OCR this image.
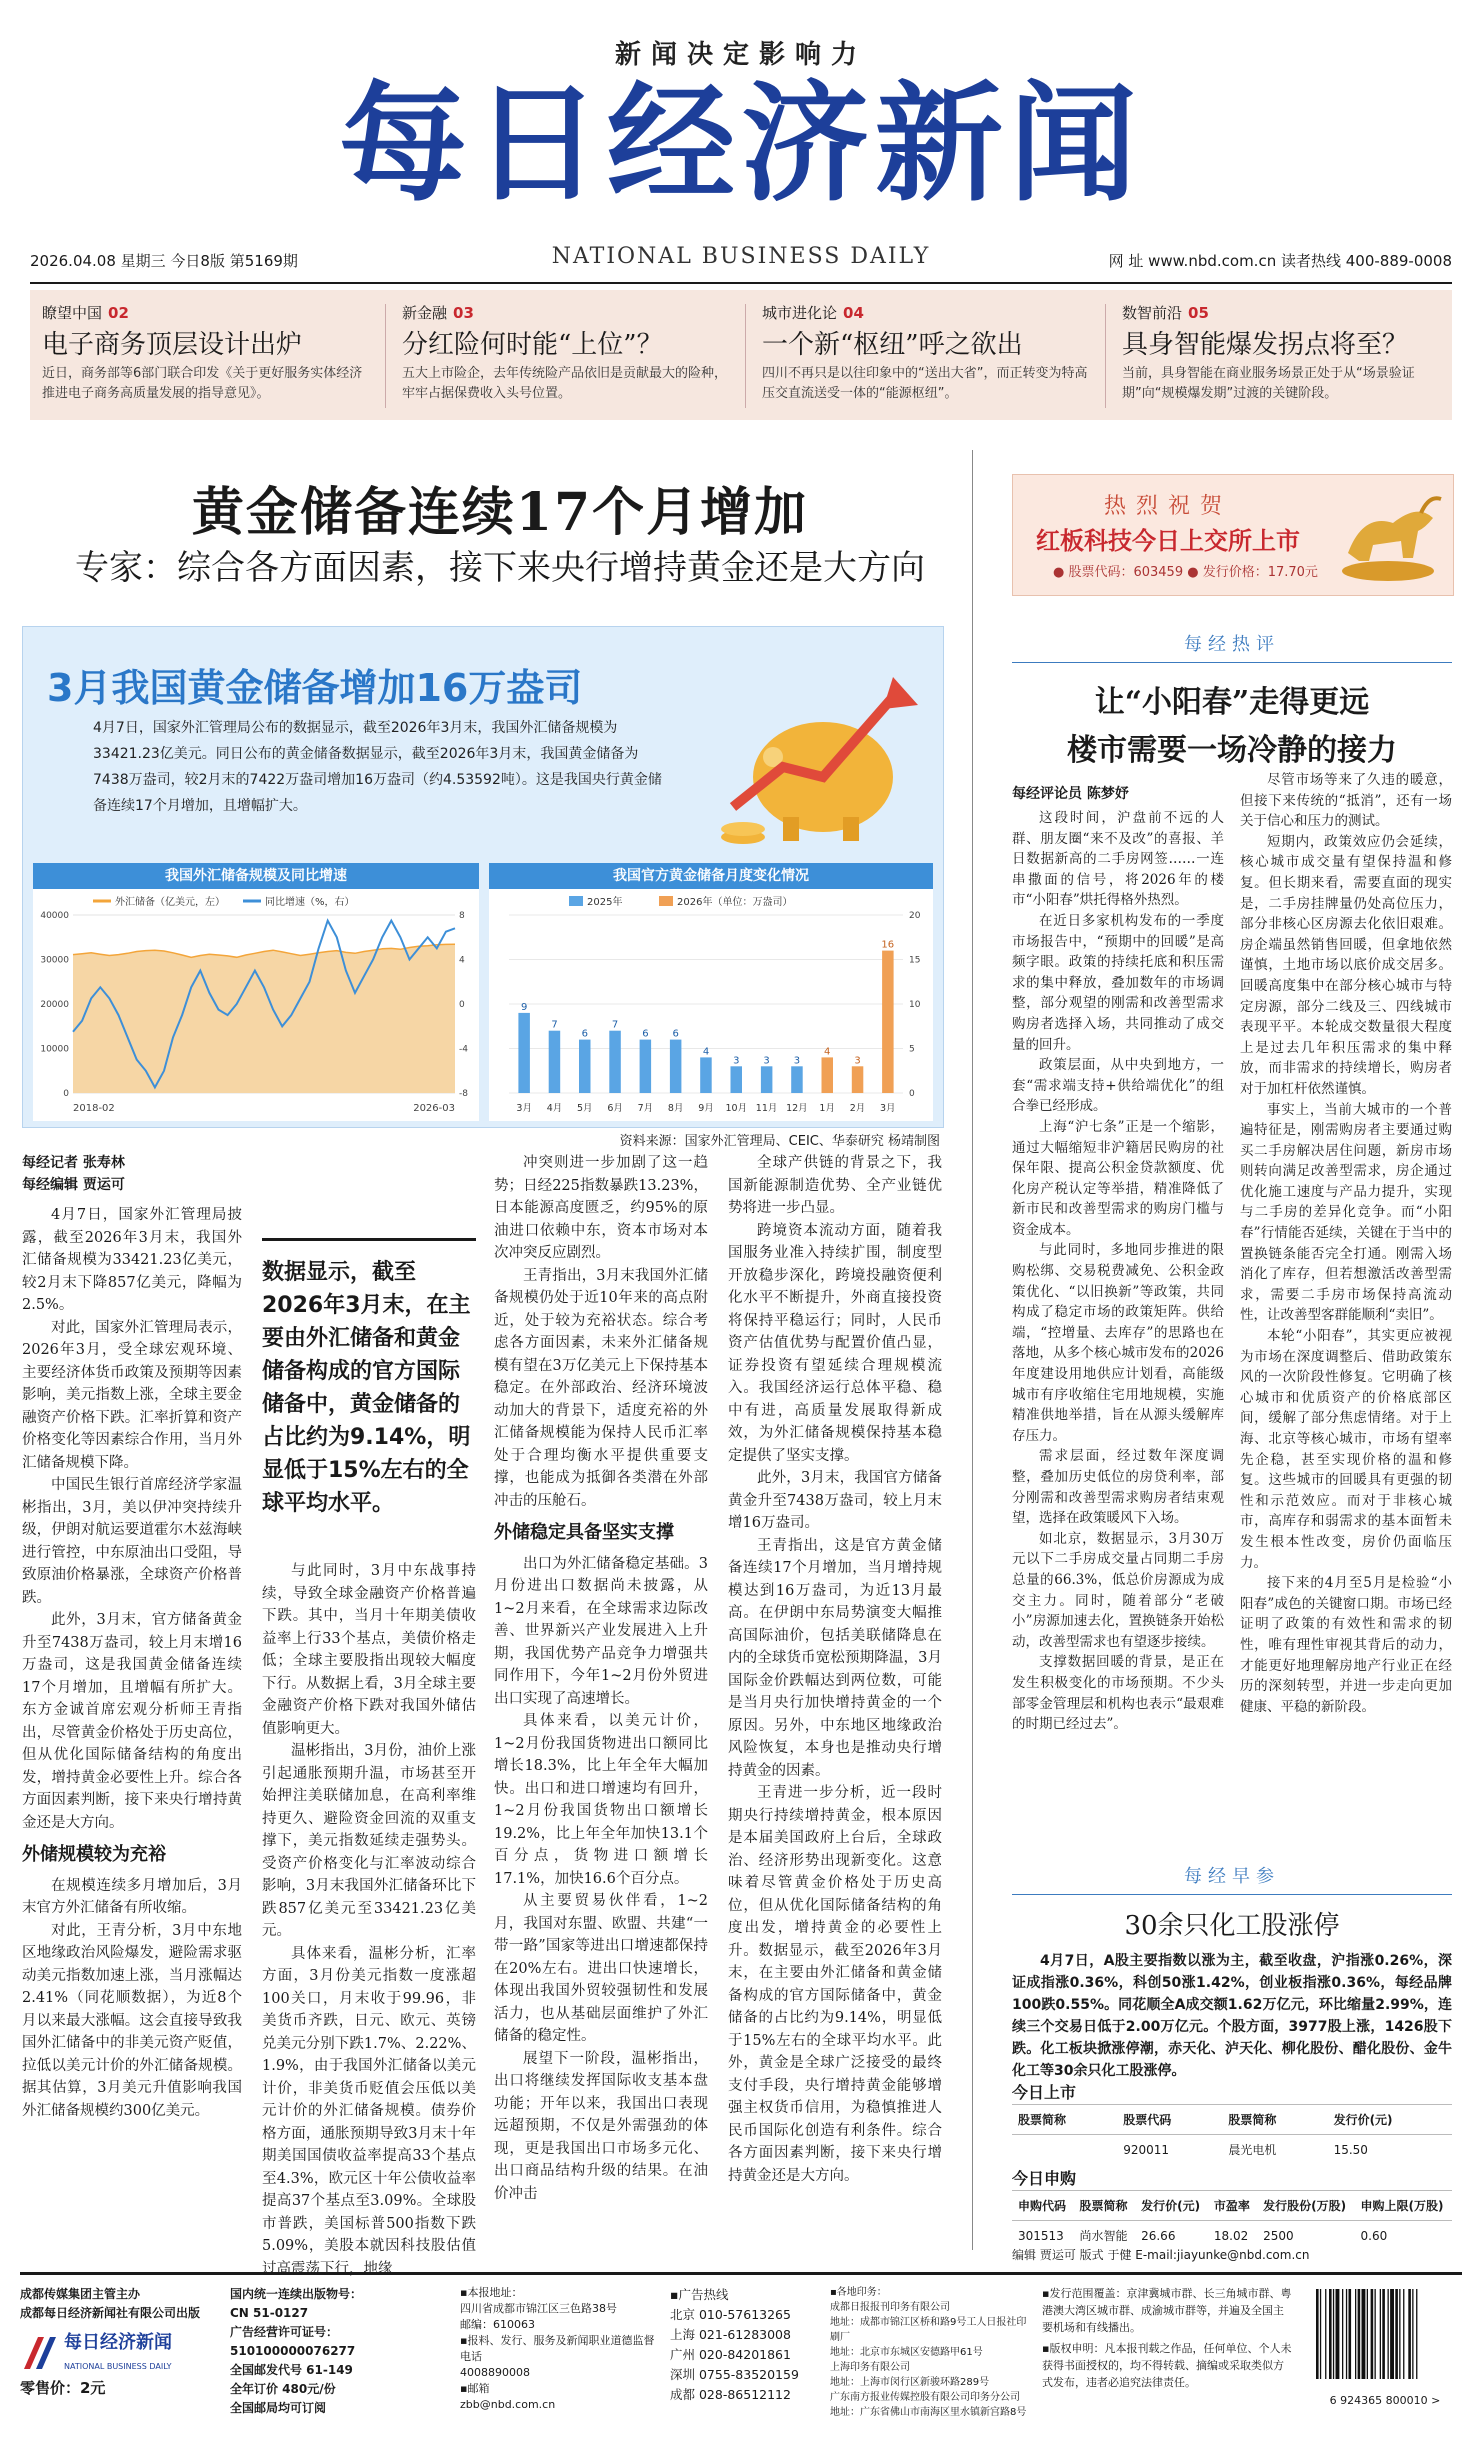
新闻决定影响力
每日经济新闻
2026.04.08 星期三 今日8版 第5169期	NATIONAL BUSINESS DAILY	网 址 www.nbd.com.cn 读者热线 400-889-0008
瞭望中国 02
电子商务顶层设计出炉
近日，商务部等6部门联合印发《关于更好服务实体经济 推进电子商务高质量发展的指导意见》。
新金融 03
分红险何时能“上位”？
五大上市险企，去年传统险产品依旧是贡献最大的险种，牢牢占据保费收入头号位置。
城市进化论 04
一个新“枢纽”呼之欲出
四川不再只是以往印象中的“送出大省”，而正转变为特高压交直流送受一体的“能源枢纽”。
数智前沿 05
具身智能爆发拐点将至？
当前，具身智能在商业服务场景正处于从“场景验证期”向“规模爆发期”过渡的关键阶段。
黄金储备连续17个月增加
专家：综合各方面因素，接下来央行增持黄金还是大方向
3月我国黄金储备增加16万盎司
4月7日，国家外汇管理局公布的数据显示，截至2026年3月末，我国外汇储备规模为33421.23亿美元。同日公布的黄金储备数据显示，截至2026年3月末，我国黄金储备为7438万盎司，较2月末的7422万盎司增加16万盎司（约4.53592吨）。这是我国央行黄金储备连续17个月增加，且增幅扩大。
我国外汇储备规模及同比增速	我国官方黄金储备月度变化情况
外汇储备（亿美元，左）	同比增速（%，右）
0
10000
20000
30000
40000
-8
-4
0
4
8
2018-02	2026-03
2025年	2026年（单位：万盎司）
0
5
10
15
20
9
3月
7
4月
6
5月
7
6月
6
7月
6
8月
4
9月
3
10月
3
11月
3
12月
4
1月
3
2月
16
3月
资料来源：国家外汇管理局、CEIC、华泰研究 杨靖制图
每经记者 张寿林
每经编辑 贾运可

4月7日，国家外汇管理局披露，截至2026年3月末，我国外汇储备规模为33421.23亿美元，较2月末下降857亿美元，降幅为2.5%。

对此，国家外汇管理局表示，2026年3月，受全球宏观环境、主要经济体货币政策及预期等因素影响，美元指数上涨，全球主要金融资产价格下跌。汇率折算和资产价格变化等因素综合作用，当月外汇储备规模下降。

中国民生银行首席经济学家温彬指出，3月，美以伊冲突持续升级，伊朗对航运要道霍尔木兹海峡进行管控，中东原油出口受阻，导致原油价格暴涨，全球资产价格普跌。

此外，3月末，官方储备黄金升至7438万盎司，较上月末增16万盎司，这是我国黄金储备连续17个月增加，且增幅有所扩大。东方金诚首席宏观分析师王青指出，尽管黄金价格处于历史高位，但从优化国际储备结构的角度出发，增持黄金必要性上升。综合各方面因素判断，接下来央行增持黄金还是大方向。

外储规模较为充裕

在规模连续多月增加后，3月末官方外汇储备有所收缩。

对此，王青分析，3月中东地区地缘政治风险爆发，避险需求驱动美元指数加速上涨，当月涨幅达2.41%（同花顺数据），为近8个月以来最大涨幅。这会直接导致我国外汇储备中的非美元资产贬值，拉低以美元计价的外汇储备规模。据其估算，3月美元升值影响我国外汇储备规模约300亿美元。

数据显示，截至2026年3月末，在主要由外汇储备和黄金储备构成的官方国际储备中，黄金储备的占比约为9.14%，明显低于15%左右的全球平均水平。

与此同时，3月中东战事持续，导致全球金融资产价格普遍下跌。其中，当月十年期美债收益率上行33个基点，美债价格走低；全球主要股指出现较大幅度下行。从数据上看，3月全球主要金融资产价格下跌对我国外储估值影响更大。

温彬指出，3月份，油价上涨引起通胀预期升温，市场甚至开始押注美联储加息，在高利率维持更久、避险资金回流的双重支撑下，美元指数延续走强势头。受资产价格变化与汇率波动综合影响，3月末我国外汇储备环比下跌857亿美元至33421.23亿美元。

具体来看，温彬分析，汇率方面，3月份美元指数一度涨超100关口，月末收于99.96，非美货币齐跌，日元、欧元、英镑兑美元分别下跌1.7%、2.22%、1.9%，由于我国外汇储备以美元计价，非美货币贬值会压低以美元计价的外汇储备规模。债券价格方面，通胀预期导致3月末十年期美国国债收益率提高33个基点至4.3%，欧元区十年公债收益率提高37个基点至3.09%。全球股市普跌，美国标普500指数下跌5.09%，美股本就因科技股估值过高震荡下行，地缘

冲突则进一步加剧了这一趋势；日经225指数暴跌13.23%，日本能源高度匮乏，约95%的原油进口依赖中东，资本市场对本次冲突反应剧烈。

王青指出，3月末我国外汇储备规模仍处于近10年来的高点附近，处于较为充裕状态。综合考虑各方面因素，未来外汇储备规模有望在3万亿美元上下保持基本稳定。在外部政治、经济环境波动加大的背景下，适度充裕的外汇储备规模能为保持人民币汇率处于合理均衡水平提供重要支撑，也能成为抵御各类潜在外部冲击的压舱石。

外储稳定具备坚实支撑

出口为外汇储备稳定基础。3月份进出口数据尚未披露，从1~2月来看，在全球需求边际改善、世界新兴产业发展进入上升期，我国优势产品竞争力增强共同作用下，今年1~2月份外贸进出口实现了高速增长。

具体来看，以美元计价，1~2月份我国货物进出口额同比增长18.3%，比上年全年大幅加快。出口和进口增速均有回升，1~2月份我国货物出口额增长19.2%，比上年全年加快13.1个百分点，货物进口额增长17.1%，加快16.6个百分点。

从主要贸易伙伴看，1~2月，我国对东盟、欧盟、共建“一带一路”国家等进出口增速都保持在20%左右。进出口快速增长，体现出我国外贸较强韧性和发展活力，也从基础层面维护了外汇储备的稳定性。

展望下一阶段，温彬指出，出口将继续发挥国际收支基本盘功能；开年以来，我国出口表现远超预期，不仅是外需强劲的体现，更是我国出口市场多元化、出口商品结构升级的结果。在油价冲击

全球产供链的背景之下，我国新能源制造优势、全产业链优势将进一步凸显。

跨境资本流动方面，随着我国服务业准入持续扩围，制度型开放稳步深化，跨境投融资便利化水平不断提升，外商直接投资将保持平稳运行；同时，人民币资产估值优势与配置价值凸显，证券投资有望延续合理规模流入。我国经济运行总体平稳、稳中有进，高质量发展取得新成效，为外汇储备规模保持基本稳定提供了坚实支撑。

此外，3月末，我国官方储备黄金升至7438万盎司，较上月末增16万盎司。

王青指出，这是官方黄金储备连续17个月增加，当月增持规模达到16万盎司，为近13月最高。在伊朗中东局势演变大幅推高国际油价，包括美联储降息在内的全球货币宽松预期降温，3月国际金价跌幅达到两位数，可能是当月央行加快增持黄金的一个原因。另外，中东地区地缘政治风险恢复，本身也是推动央行增持黄金的因素。

王青进一步分析，近一段时期央行持续增持黄金，根本原因是本届美国政府上台后，全球政治、经济形势出现新变化。这意味着尽管黄金价格处于历史高位，但从优化国际储备结构的角度出发，增持黄金的必要性上升。数据显示，截至2026年3月末，在主要由外汇储备和黄金储备构成的官方国际储备中，黄金储备的占比约为9.14%，明显低于15%左右的全球平均水平。此外，黄金是全球广泛接受的最终支付手段，央行增持黄金能够增强主权货币信用，为稳慎推进人民币国际化创造有利条件。综合各方面因素判断，接下来央行增持黄金还是大方向。

热烈祝贺
红板科技今日上交所上市
● 股票代码：603459 ● 发行价格：17.70元
每经热评
让“小阳春”走得更远
楼市需要一场冷静的接力
每经评论员 陈梦妤

这段时间，沪盘前不远的人群、朋友圈“来不及改”的喜报、羊日数据新高的二手房网签……一连串撒面的信号，将2026年的楼市“小阳春”烘托得格外热烈。

在近日多家机构发布的一季度市场报告中，“预期中的回暖”是高频字眼。政策的持续托底和积压需求的集中释放，叠加数年的市场调整，部分观望的刚需和改善型需求购房者选择入场，共同推动了成交量的回升。

政策层面，从中央到地方，一套“需求端支持+供给端优化”的组合拳已经形成。

上海“沪七条”正是一个缩影，通过大幅缩短非沪籍居民购房的社保年限、提高公积金贷款额度、优化房产税认定等举措，精准降低了新市民和改善型需求的购房门槛与资金成本。

与此同时，多地同步推进的限购松绑、交易税费减免、公积金政策优化、“以旧换新”等政策，共同构成了稳定市场的政策矩阵。供给端，“控增量、去库存”的思路也在落地，从多个核心城市发布的2026年度建设用地供应计划看，高能级城市有序收缩住宅用地规模，实施精准供地举措，旨在从源头缓解库存压力。

需求层面，经过数年深度调整，叠加历史低位的房贷利率，部分刚需和改善型需求购房者结束观望，选择在政策暖风下入场。

如北京，数据显示，3月30万元以下二手房成交量占同期二手房总量的66.3%，低总价房源成为成交主力。同时，随着部分“老破小”房源加速去化，置换链条开始松动，改善型需求也有望逐步接续。

支撑数据回暖的背景，是正在发生积极变化的市场预期。不少头部零金管理层和机构也表示“最艰难的时期已经过去”。

尽管市场等来了久违的暖意，但接下来传统的“抵消”，还有一场关于信心和压力的测试。

短期内，政策效应仍会延续，核心城市成交量有望保持温和修复。但长期来看，需要直面的现实是，二手房挂牌量仍处高位压力，部分非核心区房源去化依旧艰难。房企端虽然销售回暖，但拿地依然谨慎，土地市场以底价成交居多。回暖高度集中在部分核心城市与特定房源，部分二线及三、四线城市表现平平。本轮成交数量很大程度上是过去几年积压需求的集中释放，而非需求的持续增长，购房者对于加杠杆依然谨慎。

事实上，当前大城市的一个普遍特征是，刚需购房者主要通过购买二手房解决居住问题，新房市场则转向满足改善型需求，房企通过优化施工速度与产品力提升，实现与二手房的差异化竞争。而“小阳春”行情能否延续，关键在于当中的置换链条能否完全打通。刚需入场消化了库存，但若想激活改善型需求，需要二手房市场保持高流动性，让改善型客群能顺利“卖旧”。

本轮“小阳春”，其实更应被视为市场在深度调整后、借助政策东风的一次阶段性修复。它明确了核心城市和优质资产的价格底部区间，缓解了部分焦虑情绪。对于上海、北京等核心城市，市场有望率先企稳，甚至实现价格的温和修复。这些城市的回暖具有更强的韧性和示范效应。而对于非核心城市，高库存和弱需求的基本面暂未发生根本性改变，房价仍面临压力。

接下来的4月至5月是检验“小阳春”成色的关键窗口期。市场已经证明了政策的有效性和需求的韧性，唯有理性审视其背后的动力，才能更好地理解房地产行业正在经历的深刻转型，并进一步走向更加健康、平稳的新阶段。

每经早参
30余只化工股涨停
4月7日，A股主要指数以涨为主，截至收盘，沪指涨0.26%，深证成指涨0.36%，科创50涨1.42%，创业板指涨0.36%，每经品牌100跌0.55%。同花顺全A成交额1.62万亿元，环比缩量2.99%，连续三个交易日低于2.00万亿元。个股方面，3977股上涨，1426股下跌。化工板块掀涨停潮，赤天化、泸天化、柳化股份、醋化股份、金牛化工等30余只化工股涨停。
今日上市
股票简称	股票代码	股票简称	发行价(元)
	920011	晨光电机	15.50
今日申购
申购代码	股票简称	发行价(元)	市盈率	发行股份(万股)	申购上限(万股)
301513	尚水智能	26.66	18.02	2500	0.60
编辑 贾运可 版式 于健 E-mail:jiayunke@nbd.com.cn
成都传媒集团主管主办
成都每日经济新闻社有限公司出版
每日经济新闻
NATIONAL BUSINESS DAILY
零售价：2元
国内统一连续出版物号：
CN 51-0127
广告经营许可证号：510100000076277
全国邮发代号 61-149
全年订价 480元/份
全国邮局均可订阅
▪本报地址：
四川省成都市锦江区三色路38号
邮编：610063
▪报料、发行、服务及新闻职业道德监督电话
4008890008
▪邮箱
zbb@nbd.com.cn
▪广告热线
北京 010-57613265
上海 021-61283008
广州 020-84201861
深圳 0755-83520159
成都 028-86512112
▪各地印务：
成都日报报刊印务有限公司
地址：成都市锦江区桥和路9号工人日报社印刷厂
地址：北京市东城区安德路甲61号
上海印务有限公司
地址：上海市闵行区新骏环路289号
广东南方报业传媒控股有限公司印务分公司
地址：广东省佛山市南海区里水镇新宫路8号
▪发行范围覆盖：京津冀城市群、长三角城市群、粤港澳大湾区城市群、成渝城市群等，并遍及全国主要机场和有线播出。
▪版权申明：凡本报刊载之作品，任何单位、个人未获得书面授权的，均不得转载、摘编或采取类似方式发布，违者必追究法律责任。
6 924365 800010 >
